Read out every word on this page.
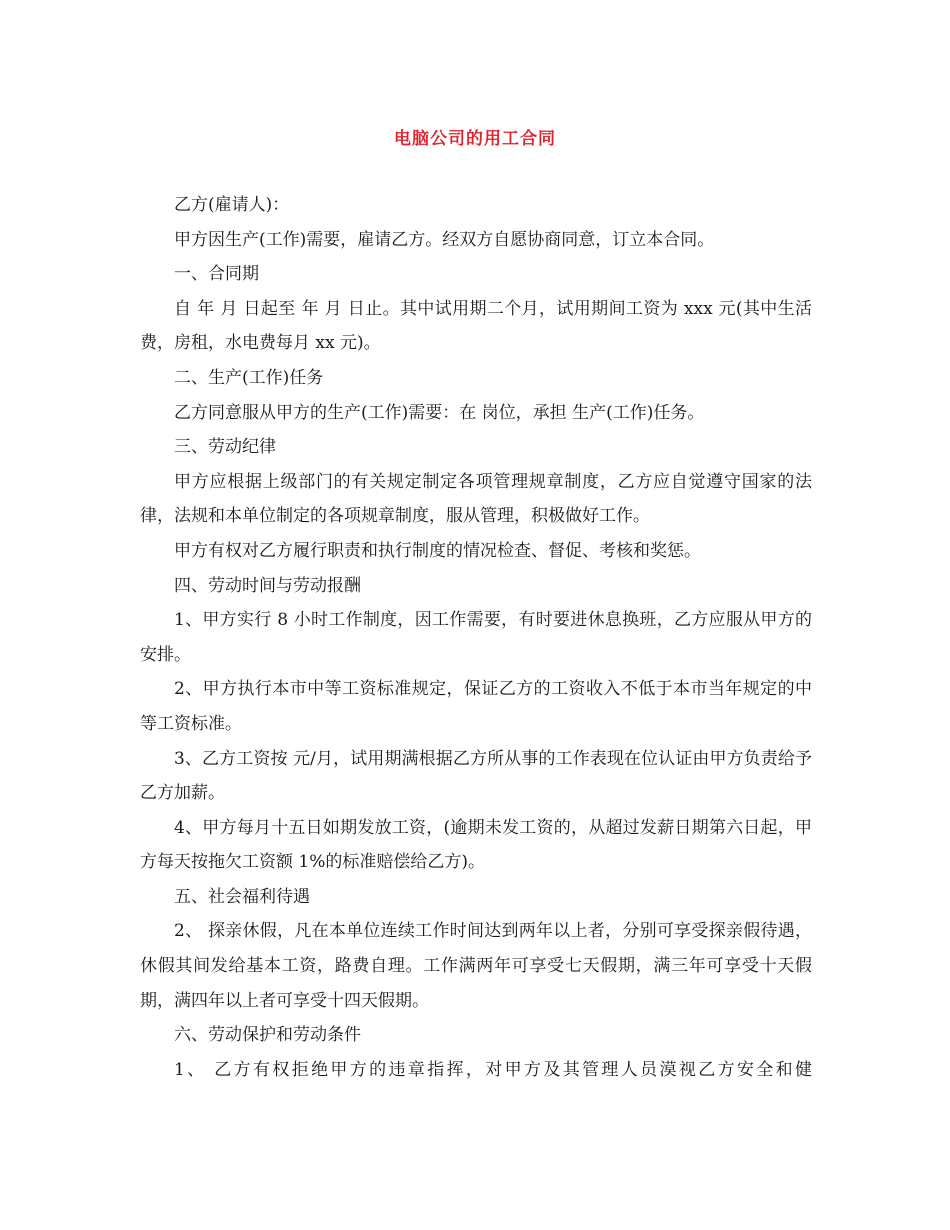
电脑公司的用工合同

乙方(雇请人)：

甲方因生产(工作)需要，雇请乙方。经双方自愿协商同意，订立本合同。

一、合同期

自 年 月 日起至 年 月 日止。其中试用期二个月，试用期间工资为 xxx 元(其中生活费，房租，水电费每月 xx 元)。

二、生产(工作)任务

乙方同意服从甲方的生产(工作)需要：在 岗位，承担 生产(工作)任务。

三、劳动纪律

甲方应根据上级部门的有关规定制定各项管理规章制度，乙方应自觉遵守国家的法律，法规和本单位制定的各项规章制度，服从管理，积极做好工作。

甲方有权对乙方履行职责和执行制度的情况检查、督促、考核和奖惩。

四、劳动时间与劳动报酬

1、甲方实行 8 小时工作制度，因工作需要，有时要进休息换班，乙方应服从甲方的安排。

2、甲方执行本市中等工资标准规定，保证乙方的工资收入不低于本市当年规定的中等工资标准。

3、乙方工资按 元/月，试用期满根据乙方所从事的工作表现在位认证由甲方负责给予乙方加薪。

4、甲方每月十五日如期发放工资，(逾期未发工资的，从超过发薪日期第六日起，甲方每天按拖欠工资额 1%的标准赔偿给乙方)。

五、社会福利待遇

2、 探亲休假，凡在本单位连续工作时间达到两年以上者，分别可享受探亲假待遇，休假其间发给基本工资，路费自理。工作满两年可享受七天假期，满三年可享受十天假期，满四年以上者可享受十四天假期。

六、劳动保护和劳动条件

1、 乙方有权拒绝甲方的违章指挥，对甲方及其管理人员漠视乙方安全和健
